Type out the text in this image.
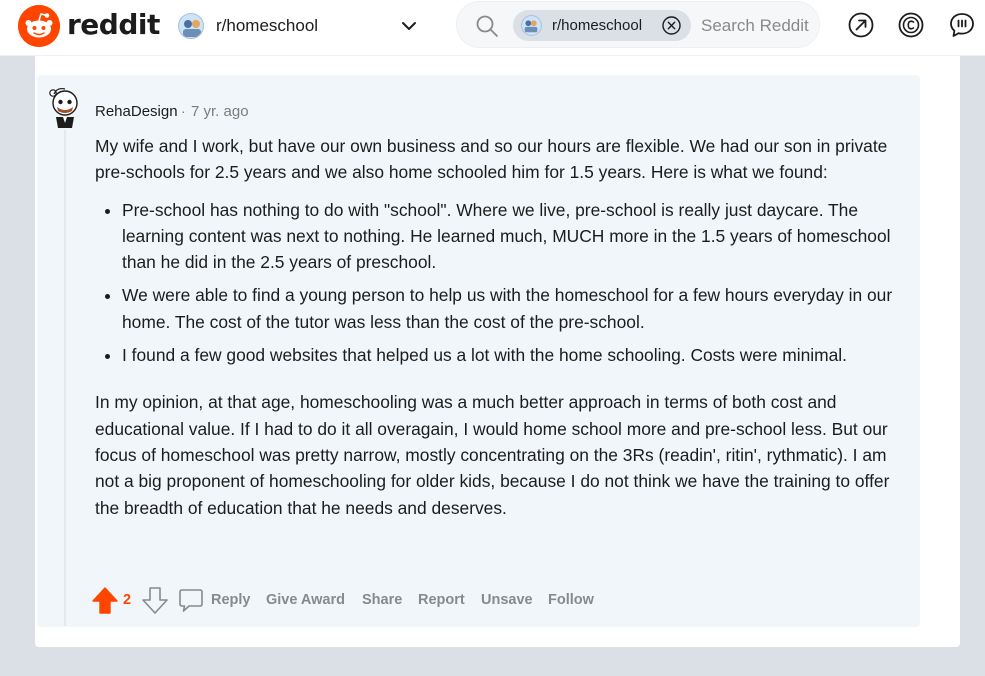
reddit	r/homeschool	r/homeschool
Search Reddit
RehaDesign · 7 yr. ago

My wife and I work, but have our own business and so our hours are flexible. We had our son in private pre-schools for 2.5 years and we also home schooled him for 1.5 years. Here is what we found:

• Pre-school has nothing to do with "school". Where we live, pre-school is really just daycare. The learning content was next to nothing. He learned much, MUCH more in the 1.5 years of homeschool than he did in the 2.5 years of preschool.
• We were able to find a young person to help us with the homeschool for a few hours everyday in our home. The cost of the tutor was less than the cost of the pre-school.
• I found a few good websites that helped us a lot with the home schooling. Costs were minimal.

In my opinion, at that age, homeschooling was a much better approach in terms of both cost and educational value. If I had to do it all overagain, I would home school more and pre-school less. But our focus of homeschool was pretty narrow, mostly concentrating on the 3Rs (readin', ritin', rythmatic). I am not a big proponent of homeschooling for older kids, because I do not think we have the training to offer the breadth of education that he needs and deserves.

2	Reply Give Award Share Report Unsave Follow
